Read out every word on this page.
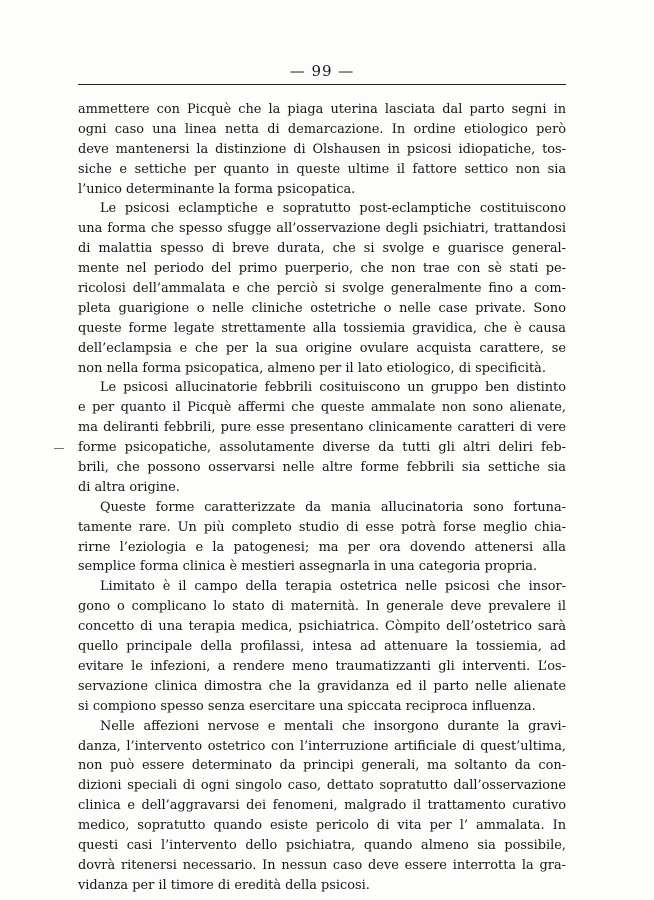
— 99 —
ammettere con Picquè che la piaga uterina lasciata dal parto segni in
ogni caso una linea netta di demarcazione. In ordine etiologico però
deve mantenersi la distinzione di Olshausen in psicosi idiopatiche, tos-
siche e settiche per quanto in queste ultime il fattore settico non sia
l’unico determinante la forma psicopatica.
Le psicosi eclamptiche e sopratutto post-eclamptiche costituiscono
una forma che spesso sfugge all’osservazione degli psichiatri, trattandosi
di malattia spesso di breve durata, che si svolge e guarisce general-
mente nel periodo del primo puerperio, che non trae con sè stati pe-
ricolosi dell’ammalata e che perciò si svolge generalmente fino a com-
pleta guarigione o nelle cliniche ostetriche o nelle case private. Sono
queste forme legate strettamente alla tossiemia gravidica, che è causa
dell’eclampsia e che per la sua origine ovulare acquista carattere, se
non nella forma psicopatica, almeno per il lato etiologico, di specificità.
Le psicosi allucinatorie febbrili cosituiscono un gruppo ben distinto
e per quanto il Picquè affermi che queste ammalate non sono alienate,
ma deliranti febbrili, pure esse presentano clinicamente caratteri di vere
forme psicopatiche, assolutamente diverse da tutti gli altri deliri feb-
brili, che possono osservarsi nelle altre forme febbrili sia settiche sia
di altra origine.
Queste forme caratterizzate da mania allucinatoria sono fortuna-
tamente rare. Un più completo studio di esse potrà forse meglio chia-
rirne l’eziologia e la patogenesi; ma per ora dovendo attenersi alla
semplice forma clinica è mestieri assegnarla in una categoria propria.
Limitato è il campo della terapia ostetrica nelle psicosi che insor-
gono o complicano lo stato di maternità. In generale deve prevalere il
concetto di una terapia medica, psichiatrica. Còmpito dell’ostetrico sarà
quello principale della profilassi, intesa ad attenuare la tossiemia, ad
evitare le infezioni, a rendere meno traumatizzanti gli interventi. L’os-
servazione clinica dimostra che la gravidanza ed il parto nelle alienate
si compiono spesso senza esercitare una spiccata reciproca influenza.
Nelle affezioni nervose e mentali che insorgono durante la gravi-
danza, l’intervento ostetrico con l’interruzione artificiale di quest’ultima,
non può essere determinato da principi generali, ma soltanto da con-
dizioni speciali di ogni singolo caso, dettato sopratutto dall’osservazione
clinica e dell’aggravarsi dei fenomeni, malgrado il trattamento curativo
medico, sopratutto quando esiste pericolo di vita per l’ ammalata. In
questi casi l’intervento dello psichiatra, quando almeno sia possibile,
dovrà ritenersi necessario. In nessun caso deve essere interrotta la gra-
vidanza per il timore di eredità della psicosi.
